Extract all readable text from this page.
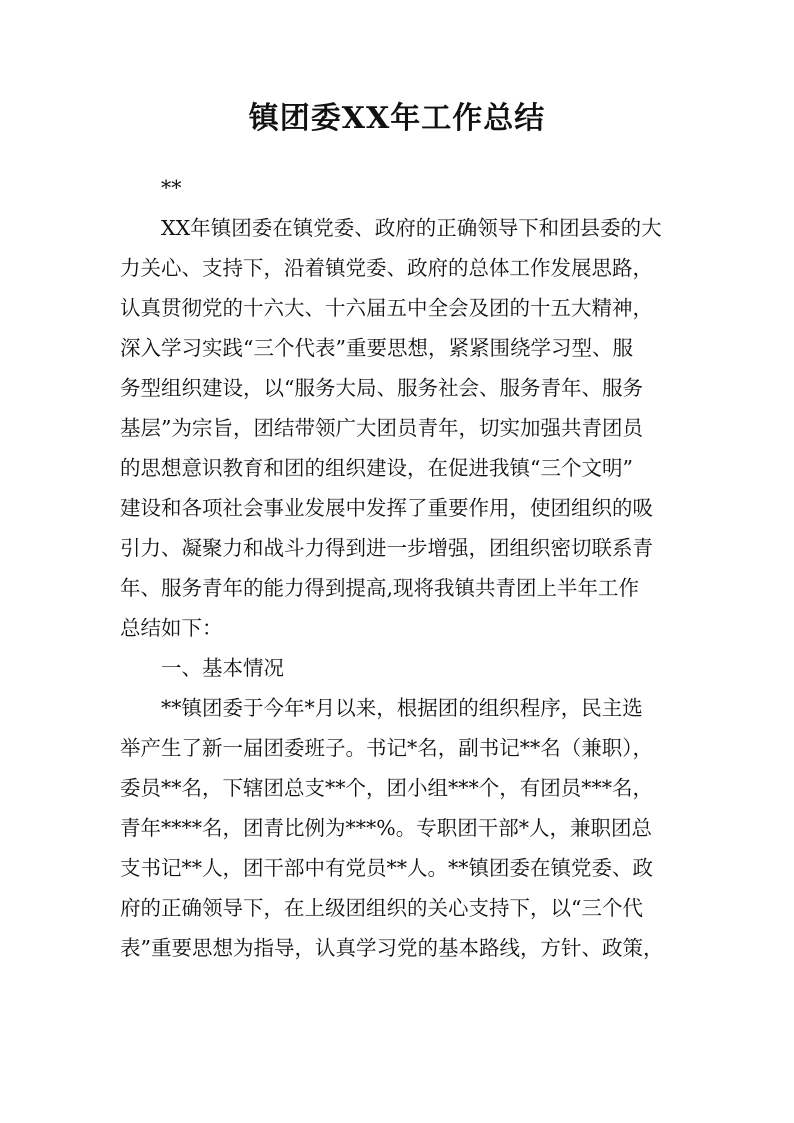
镇团委XX年工作总结

**

XX年镇团委在镇党委、政府的正确领导下和团县委的大
力关心、支持下，沿着镇党委、政府的总体工作发展思路，
认真贯彻党的十六大、十六届五中全会及团的十五大精神，
深入学习实践“三个代表”重要思想，紧紧围绕学习型、服
务型组织建设，以“服务大局、服务社会、服务青年、服务
基层”为宗旨，团结带领广大团员青年，切实加强共青团员
的思想意识教育和团的组织建设，在促进我镇“三个文明”
建设和各项社会事业发展中发挥了重要作用，使团组织的吸
引力、凝聚力和战斗力得到进一步增强，团组织密切联系青
年、服务青年的能力得到提高,现将我镇共青团上半年工作
总结如下：

一、基本情况

**镇团委于今年*月以来，根据团的组织程序，民主选
举产生了新一届团委班子。书记*名，副书记**名（兼职），
委员**名，下辖团总支**个，团小组***个，有团员***名，
青年****名，团青比例为***%。专职团干部*人，兼职团总
支书记**人，团干部中有党员**人。**镇团委在镇党委、政
府的正确领导下，在上级团组织的关心支持下，以“三个代
表”重要思想为指导，认真学习党的基本路线，方针、政策，
